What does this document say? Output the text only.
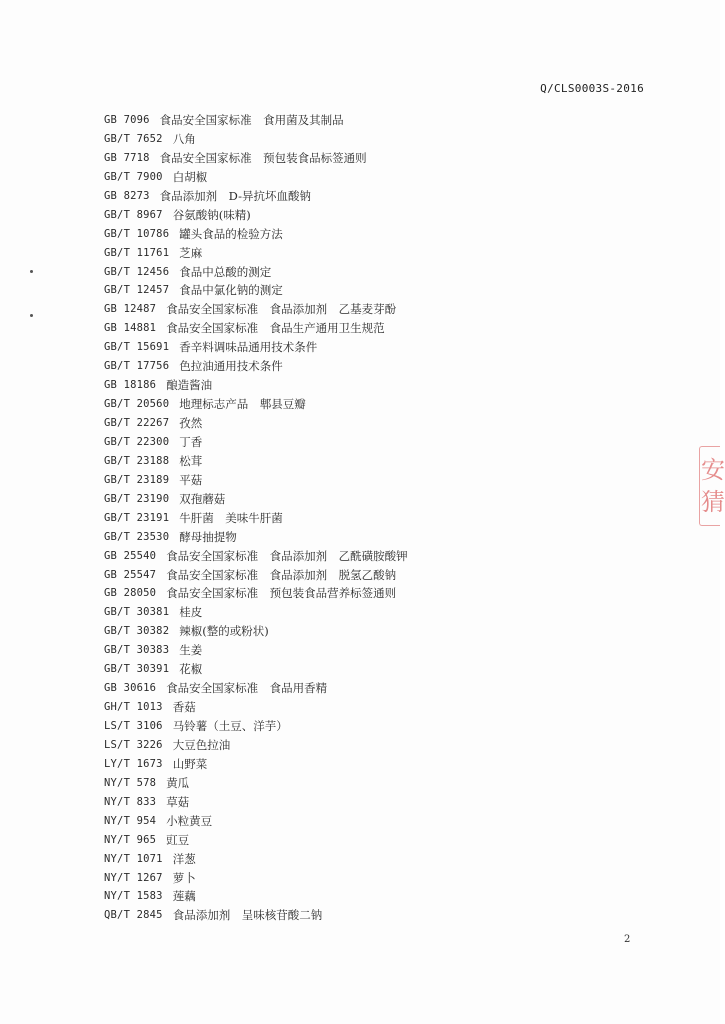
Q/CLS0003S-2016
GB 7096 食品安全国家标准　食用菌及其制品
GB/T 7652 八角
GB 7718 食品安全国家标准　预包装食品标签通则
GB/T 7900 白胡椒
GB 8273 食品添加剂　D-异抗坏血酸钠
GB/T 8967 谷氨酸钠(味精)
GB/T 10786 罐头食品的检验方法
GB/T 11761 芝麻
GB/T 12456 食品中总酸的测定
GB/T 12457 食品中氯化钠的测定
GB 12487 食品安全国家标准　食品添加剂　乙基麦芽酚
GB 14881 食品安全国家标准　食品生产通用卫生规范
GB/T 15691 香辛料调味品通用技术条件
GB/T 17756 色拉油通用技术条件
GB 18186 酿造酱油
GB/T 20560 地理标志产品　郫县豆瓣
GB/T 22267 孜然
GB/T 22300 丁香
GB/T 23188 松茸
GB/T 23189 平菇
GB/T 23190 双孢蘑菇
GB/T 23191 牛肝菌　美味牛肝菌
GB/T 23530 酵母抽提物
GB 25540 食品安全国家标准　食品添加剂　乙酰磺胺酸钾
GB 25547 食品安全国家标准　食品添加剂　脱氢乙酸钠
GB 28050 食品安全国家标准　预包装食品营养标签通则
GB/T 30381 桂皮
GB/T 30382 辣椒(整的或粉状)
GB/T 30383 生姜
GB/T 30391 花椒
GB 30616 食品安全国家标准　食品用香精
GH/T 1013 香菇
LS/T 3106 马铃薯（土豆、洋芋）
LS/T 3226 大豆色拉油
LY/T 1673 山野菜
NY/T 578 黄瓜
NY/T 833 草菇
NY/T 954 小粒黄豆
NY/T 965 豇豆
NY/T 1071 洋葱
NY/T 1267 萝卜
NY/T 1583 莲藕
QB/T 2845 食品添加剂　呈味核苷酸二钠
安
猜
2
